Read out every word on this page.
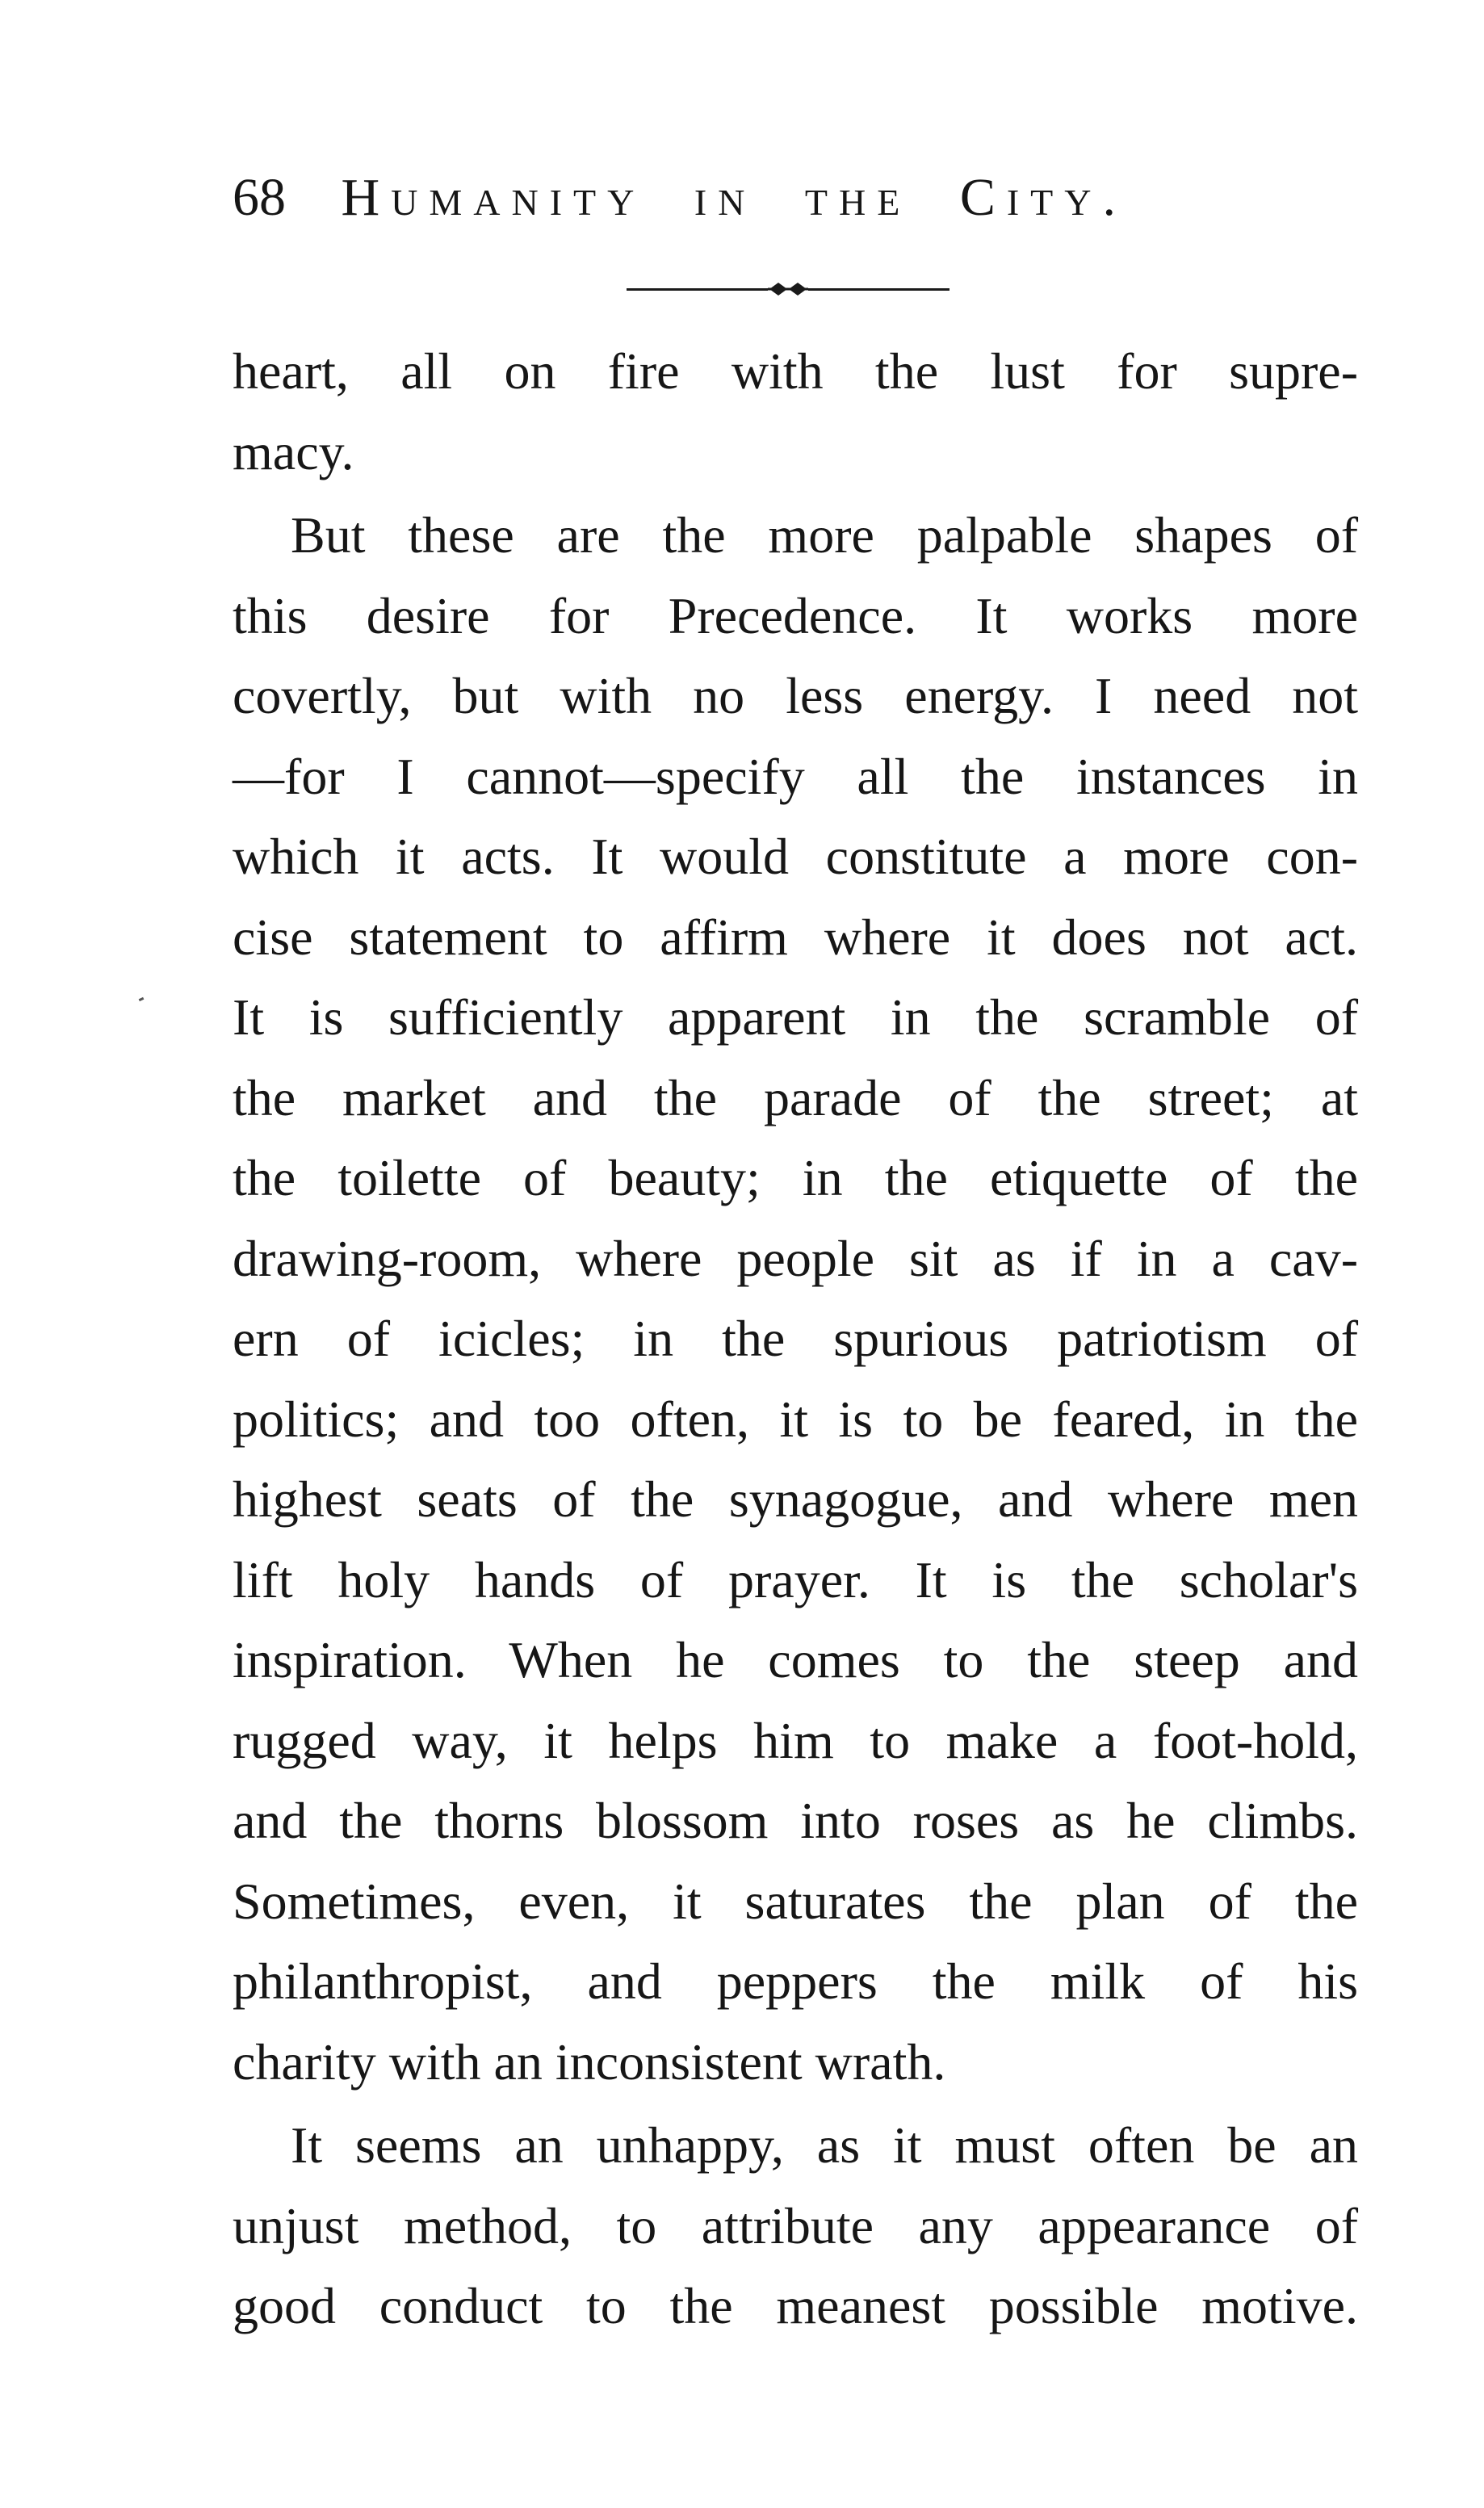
68 Humanity in the City.
heart, all on fire with the lust for supre-
macy.
But these are the more palpable shapes of
this desire for Precedence. It works more
covertly, but with no less energy. I need not
—for I cannot—specify all the instances in
which it acts. It would constitute a more con-
cise statement to affirm where it does not act.
It is sufficiently apparent in the scramble of
the market and the parade of the street; at
the toilette of beauty; in the etiquette of the
drawing-room, where people sit as if in a cav-
ern of icicles; in the spurious patriotism of
politics; and too often, it is to be feared, in the
highest seats of the synagogue, and where men
lift holy hands of prayer. It is the scholar's
inspiration. When he comes to the steep and
rugged way, it helps him to make a foot-hold,
and the thorns blossom into roses as he climbs.
Sometimes, even, it saturates the plan of the
philanthropist, and peppers the milk of his
charity with an inconsistent wrath.
It seems an unhappy, as it must often be an
unjust method, to attribute any appearance of
good conduct to the meanest possible motive.
